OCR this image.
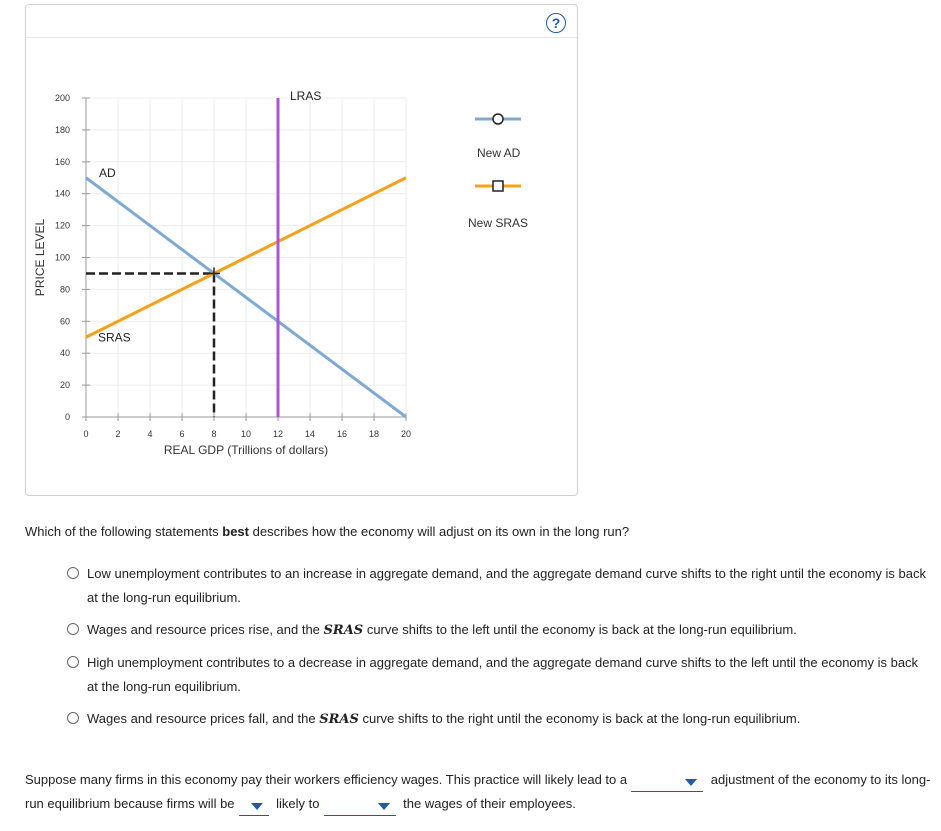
?
0	2	4	6	8	10 12 14 16 18 20
0
20
40
60
80
100
120
140
160
180
200
REAL GDP (Trillions of dollars)
PRICE LEVEL
AD
SRAS
LRAS
New AD
New SRAS
Which of the following statements best describes how the economy will adjust on its own in the long run?
Low unemployment contributes to an increase in aggregate demand, and the aggregate demand curve shifts to the right until the economy is back at the long-run equilibrium.
Wages and resource prices rise, and the SRAS curve shifts to the left until the economy is back at the long-run equilibrium.
High unemployment contributes to a decrease in aggregate demand, and the aggregate demand curve shifts to the left until the economy is back at the long-run equilibrium.
Wages and resource prices fall, and the SRAS curve shifts to the right until the economy is back at the long-run equilibrium.
Suppose many firms in this economy pay their workers efficiency wages. This practice will likely lead to a	adjustment of the economy to its long-run equilibrium because firms will be	likely to	the wages of their employees.
